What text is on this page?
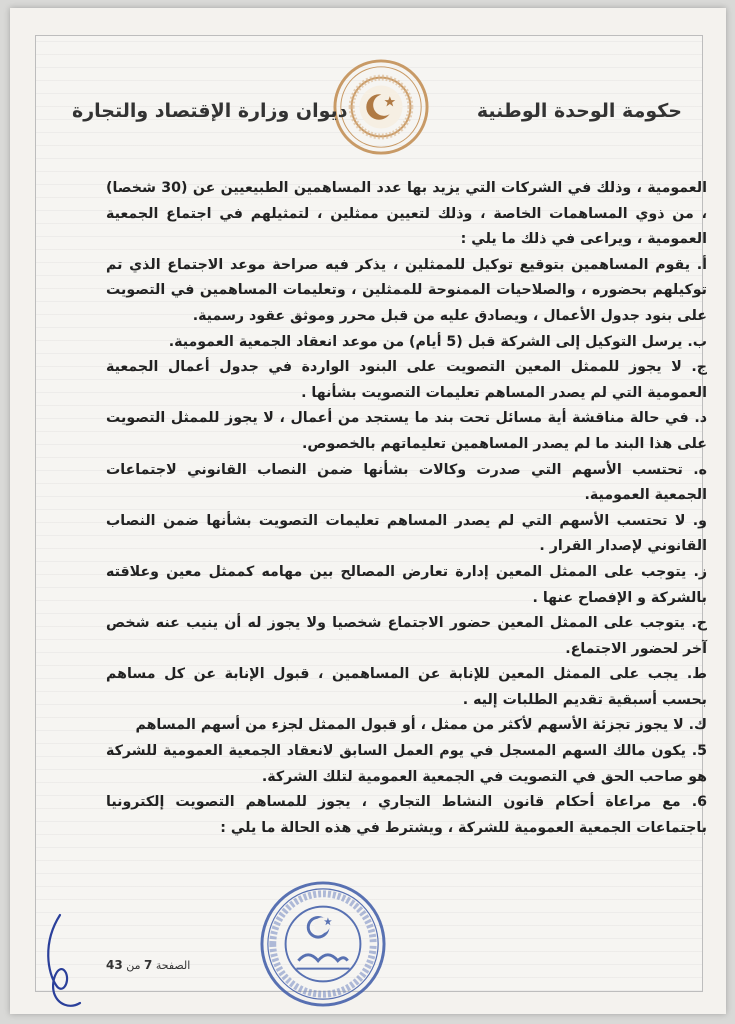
حكومة الوحدة الوطنية
ديوان وزارة الإقتصاد والتجارة

العمومية ، وذلك في الشركات التي يزيد بها عدد المساهمين الطبيعيين عن (30 شخصا) ، من ذوي المساهمات الخاصة ، وذلك لتعيين ممثلين ، لتمثيلهم في اجتماع الجمعية العمومية ، ويراعى في ذلك ما يلي :

أ. يقوم المساهمين بتوقيع توكيل للممثلين ، يذكر فيه صراحة موعد الاجتماع الذي تم توكيلهم بحضوره ، والصلاحيات الممنوحة للممثلين ، وتعليمات المساهمين في التصويت على بنود جدول الأعمال ، ويصادق عليه من قبل محرر وموثق عقود رسمية.

ب. يرسل التوكيل إلى الشركة قبل (5 أيام) من موعد انعقاد الجمعية العمومية.

ج. لا يجوز للممثل المعين التصويت على البنود الواردة في جدول أعمال الجمعية العمومية التي لم يصدر المساهم تعليمات التصويت بشأنها .

د. في حالة مناقشة أية مسائل تحت بند ما يستجد من أعمال ، لا يجوز للممثل التصويت على هذا البند ما لم يصدر المساهمين تعليماتهم بالخصوص.

ه. تحتسب الأسهم التي صدرت وكالات بشأنها ضمن النصاب القانوني لاجتماعات الجمعية العمومية.

و. لا تحتسب الأسهم التي لم يصدر المساهم تعليمات التصويت بشأنها ضمن النصاب القانوني لإصدار القرار .

ز. يتوجب على الممثل المعين إدارة تعارض المصالح بين مهامه كممثل معين وعلاقته بالشركة و الإفصاح عنها .

ح. يتوجب على الممثل المعين حضور الاجتماع شخصيا ولا يجوز له أن ينيب عنه شخص آخر لحضور الاجتماع.

ط. يجب على الممثل المعين للإنابة عن المساهمين ، قبول الإنابة عن كل مساهم بحسب أسبقية تقديم الطلبات إليه .

ك. لا يجوز تجزئة الأسهم لأكثر من ممثل ، أو قبول الممثل لجزء من أسهم المساهم

5. يكون مالك السهم المسجل في يوم العمل السابق لانعقاد الجمعية العمومية للشركة هو صاحب الحق في التصويت في الجمعية العمومية لتلك الشركة.

6. مع مراعاة أحكام قانون النشاط التجاري ، يجوز للمساهم التصويت إلكترونيا باجتماعات الجمعية العمومية للشركة ، ويشترط في هذه الحالة ما يلي :

الصفحة 7 من 43
